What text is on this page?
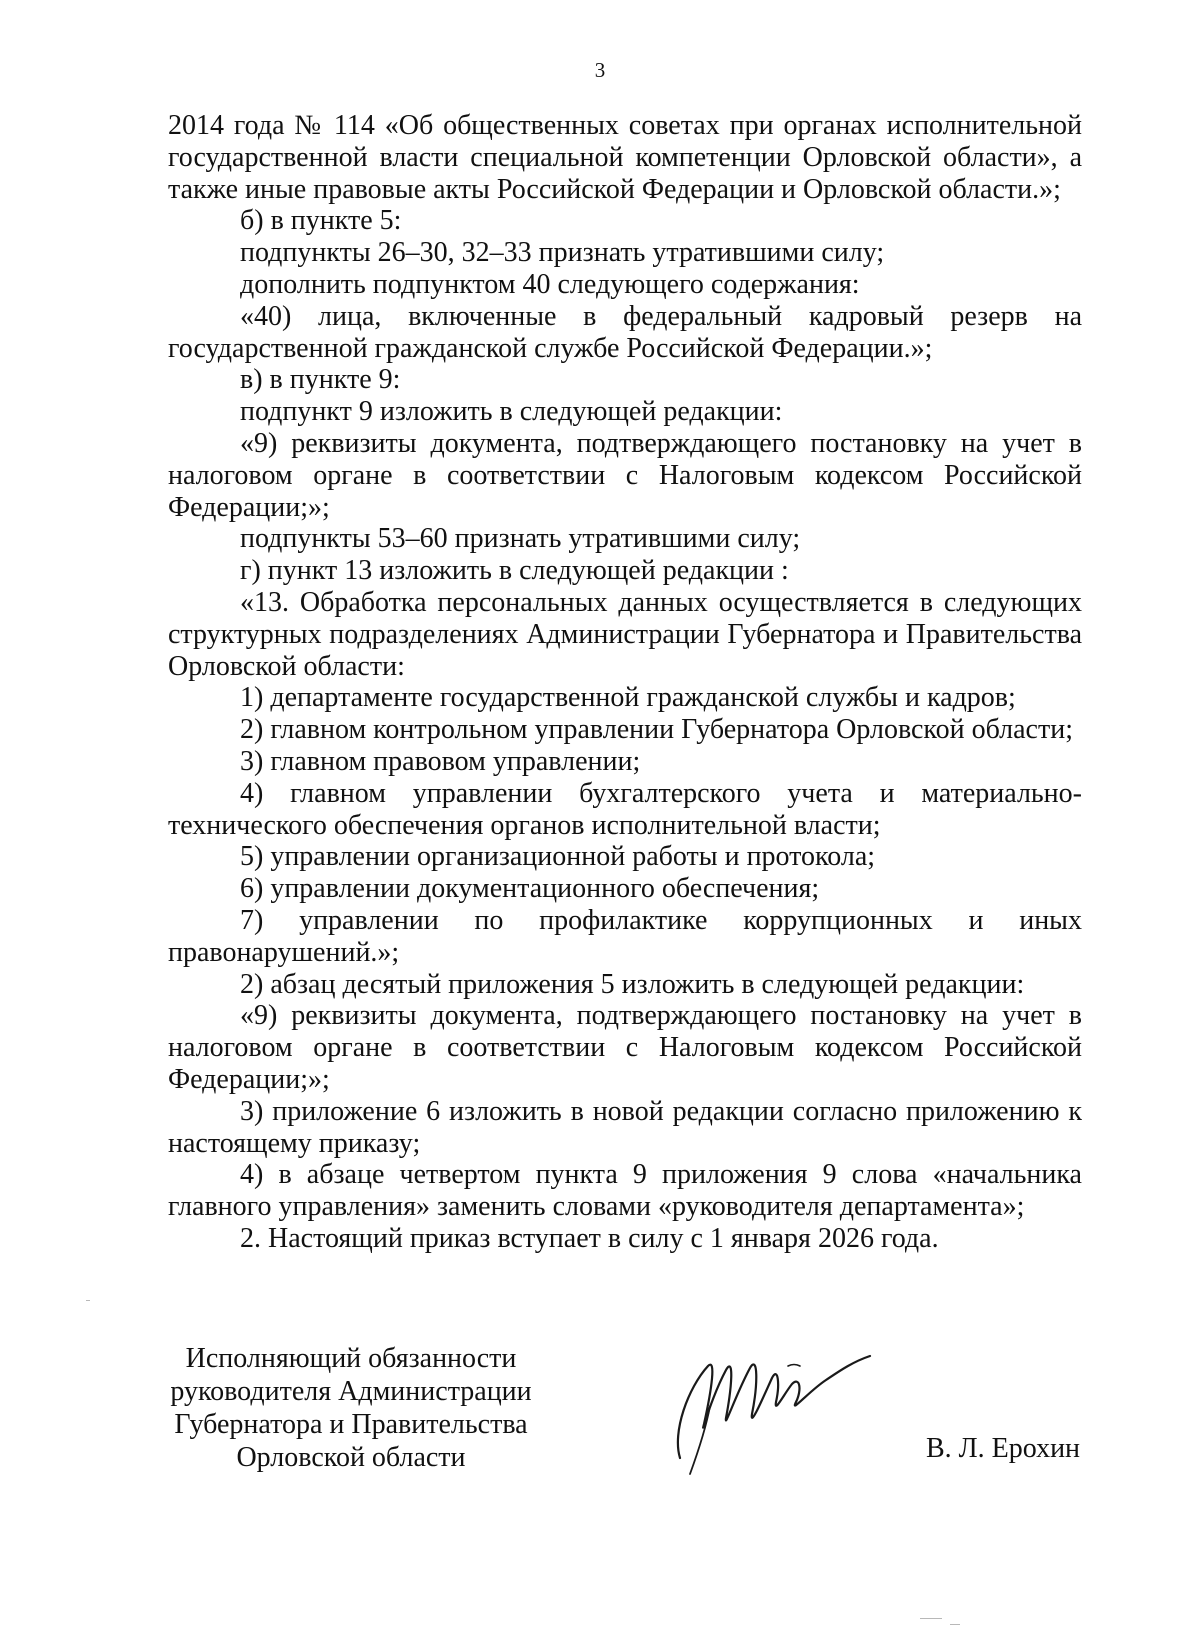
3

2014 года № 114 «Об общественных советах при органах исполнительной государственной власти специальной компетенции Орловской области», а также иные правовые акты Российской Федерации и Орловской области.»;

б) в пункте 5:

подпункты 26–30, 32–33 признать утратившими силу;

дополнить подпунктом 40 следующего содержания:

«40) лица, включенные в федеральный кадровый резерв на государственной гражданской службе Российской Федерации.»;

в) в пункте 9:

подпункт 9 изложить в следующей редакции:

«9) реквизиты документа, подтверждающего постановку на учет в налоговом органе в соответствии с Налоговым кодексом Российской Федерации;»;

подпункты 53–60 признать утратившими силу;

г) пункт 13 изложить в следующей редакции :

«13. Обработка персональных данных осуществляется в следующих структурных подразделениях Администрации Губернатора и Правительства Орловской области:

1) департаменте государственной гражданской службы и кадров;

2) главном контрольном управлении Губернатора Орловской области;

3) главном правовом управлении;

4) главном управлении бухгалтерского учета и материально-технического обеспечения органов исполнительной власти;

5) управлении организационной работы и протокола;

6) управлении документационного обеспечения;

7) управлении по профилактике коррупционных и иных правонарушений.»;

2) абзац десятый приложения 5 изложить в следующей редакции:

«9) реквизиты документа, подтверждающего постановку на учет в налоговом органе в соответствии с Налоговым кодексом Российской Федерации;»;

3) приложение 6 изложить в новой редакции согласно приложению к настоящему приказу;

4) в абзаце четвертом пункта 9 приложения 9 слова «начальника главного управления» заменить словами «руководителя департамента»;

2. Настоящий приказ вступает в силу с 1 января 2026 года.

Исполняющий обязанности
руководителя Администрации
Губернатора и Правительства
Орловской области	В. Л. Ерохин
